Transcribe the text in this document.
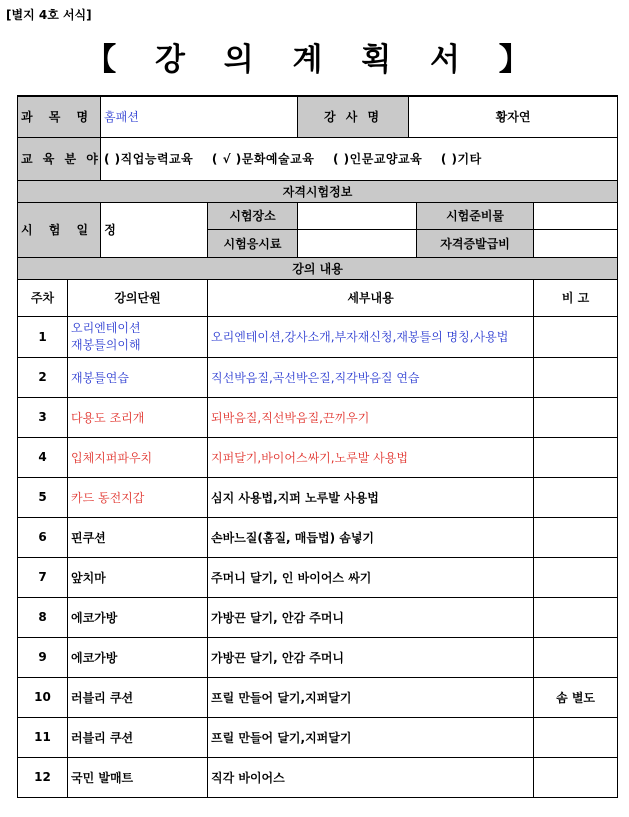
[별지 4호 서식]
【 강 의 계 획 서 】
과 목 명		홈패션		강 사 명	황자연		
교 육 분 야		( )직업능력교육 ( √ )문화예술교육 ( )인문교양교육 ( )기타					
자격시험정보							
시 험 일 정			시험장소			시험준비물	
			시험응시료			자격증발급비	
강의 내용							
주차	강의단원		세부내용				비 고
1	오리엔테이션
재봉틀의이해		오리엔테이션,강사소개,부자재신청,재봉틀의 명칭,사용법				
2	재봉틀연습		직선박음질,곡선박은질,직각박음질 연습				
3	다용도 조리개		되박음질,직선박음질,끈끼우기				
4	입체지퍼파우치		지퍼달기,바이어스싸기,노루발 사용법				
5	카드 동전지갑		심지 사용법,지퍼 노루발 사용법				
6	핀쿠션		손바느질(홈질, 매듭법) 솜넣기				
7	앞치마		주머니 달기, 인 바이어스 싸기				
8	에코가방		가방끈 달기, 안감 주머니				
9	에코가방		가방끈 달기, 안감 주머니				
10	러블리 쿠션		프릴 만들어 달기,지퍼달기				솜 별도
11	러블리 쿠션		프릴 만들어 달기,지퍼달기				
12	국민 발매트		직각 바이어스				
